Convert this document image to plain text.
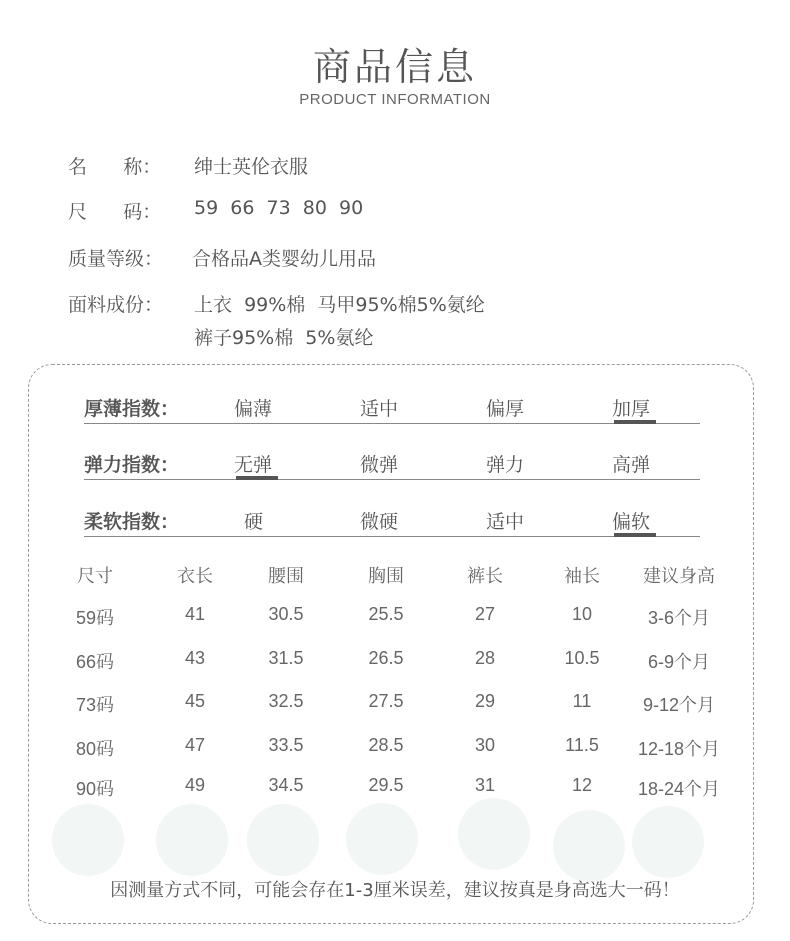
商品信息
PRODUCT INFORMATION
名      称： 绅士英伦衣服
尺      码： 59  66  73  80  90
质量等级： 合格品A类婴幼儿用品
面料成份： 上衣  99%棉  马甲95%棉5%氨纶
裤子95%棉  5%氨纶
厚薄指数：	偏薄	适中	偏厚	加厚
弹力指数：	无弹	微弹	弹力	高弹
柔软指数：	硬	微硬	适中	偏软
尺寸	衣长	腰围	胸围	裤长	袖长	建议身高
59码	41	30.5	25.5	27	10	3-6个月
66码	43	31.5	26.5	28	10.5	6-9个月
73码	45	32.5	27.5	29	11	9-12个月
80码	47	33.5	28.5	30	11.5	12-18个月
90码	49	34.5	29.5	31	12	18-24个月
因测量方式不同，可能会存在1-3厘米误差，建议按真是身高选大一码！
